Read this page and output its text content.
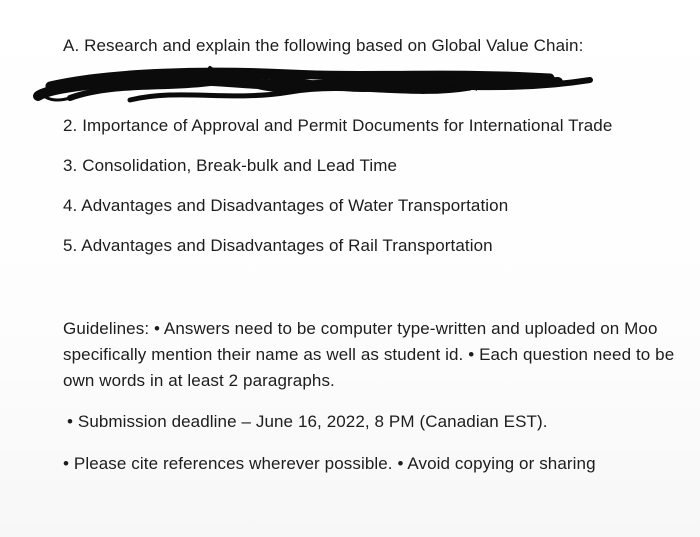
A. Research and explain the following based on Global Value Chain:
1.	mpliance
2. Importance of Approval and Permit Documents for International Trade
3. Consolidation, Break-bulk and Lead Time
4. Advantages and Disadvantages of Water Transportation
5. Advantages and Disadvantages of Rail Transportation
Guidelines: • Answers need to be computer type-written and uploaded on Moo
specifically mention their name as well as student id. • Each question need to be
own words in at least 2 paragraphs.
• Submission deadline – June 16, 2022, 8 PM (Canadian EST).
• Please cite references wherever possible. • Avoid copying or sharing
